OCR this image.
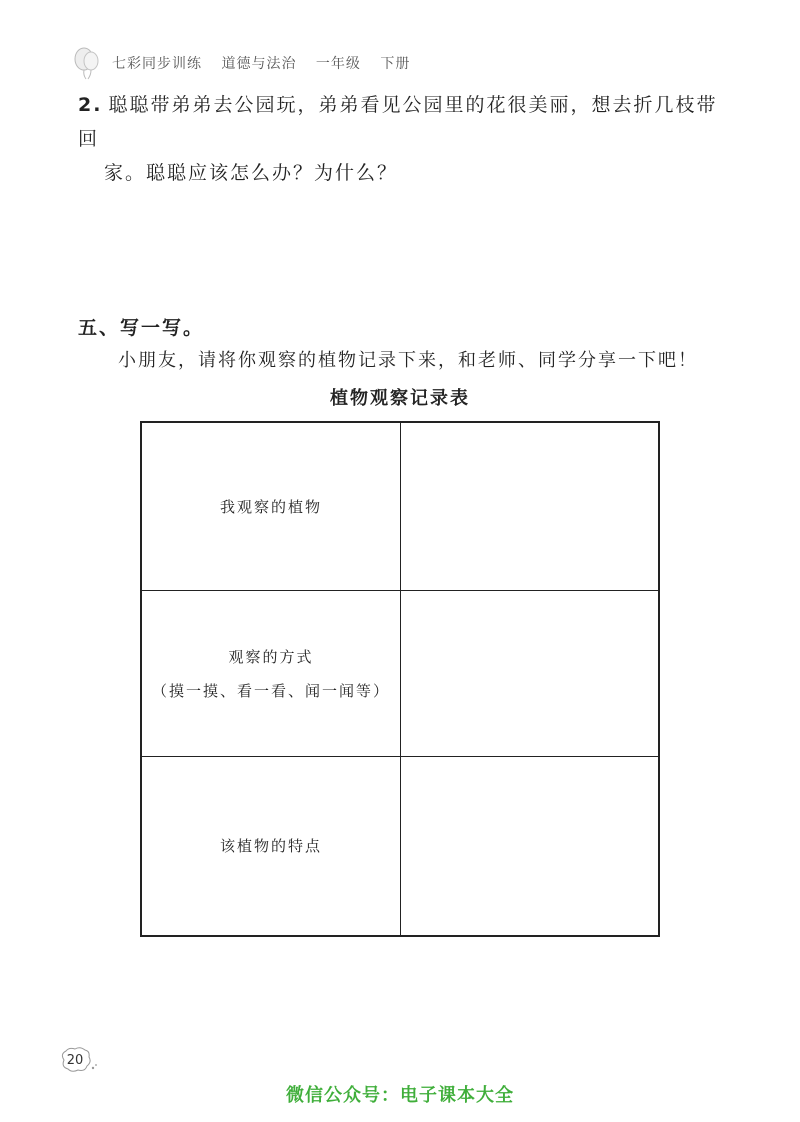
七彩同步训练 道德与法治 一年级 下册
2. 聪聪带弟弟去公园玩，弟弟看见公园里的花很美丽，想去折几枝带回
家。聪聪应该怎么办？为什么？
五、写一写。
小朋友，请将你观察的植物记录下来，和老师、同学分享一下吧！
植物观察记录表
我观察的植物
观察的方式
（摸一摸、看一看、闻一闻等）
该植物的特点
20
微信公众号：电子课本大全
